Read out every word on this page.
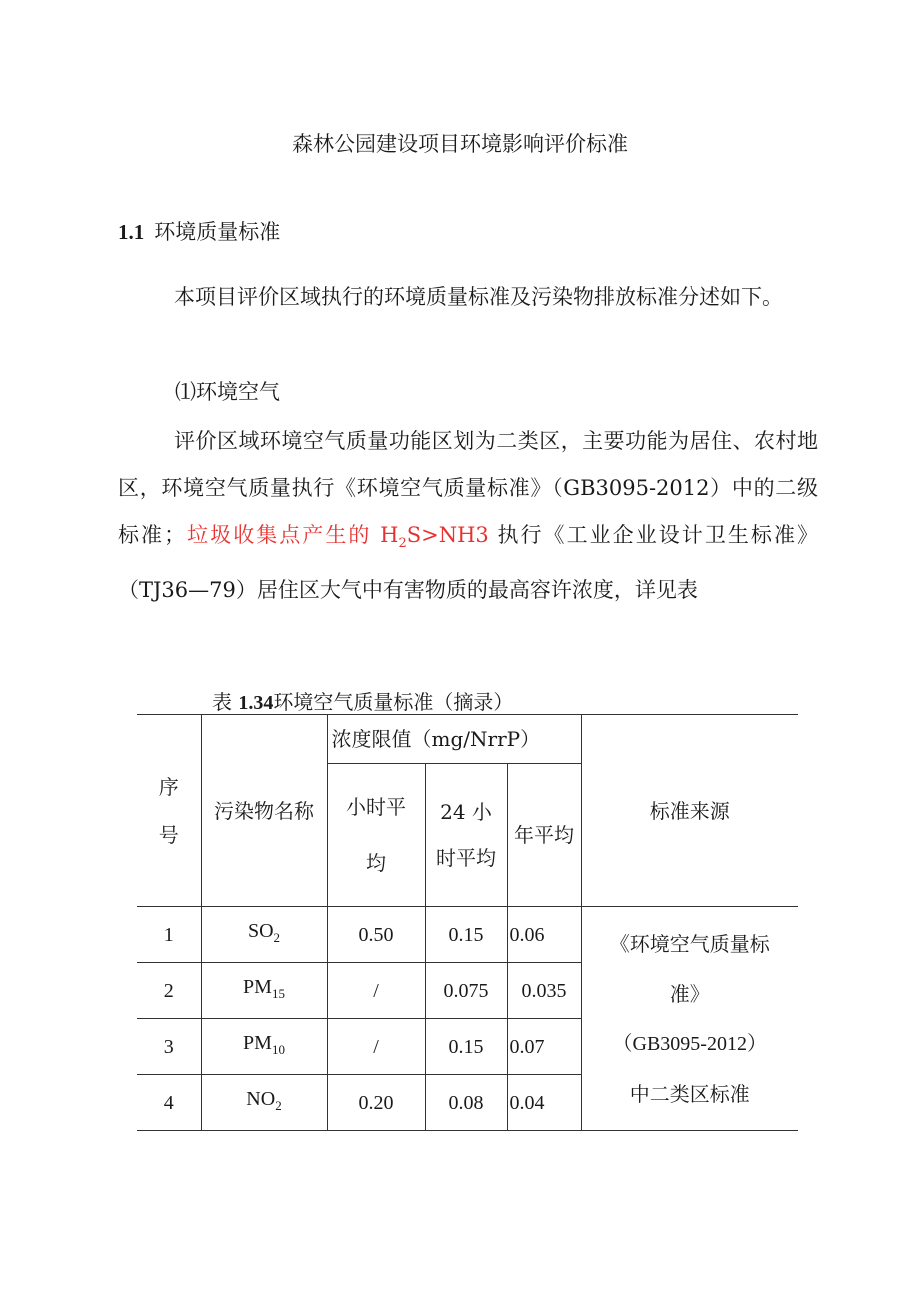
森林公园建设项目环境影响评价标准
1.1 环境质量标准
本项目评价区域执行的环境质量标准及污染物排放标准分述如下。
⑴环境空气
评价区域环境空气质量功能区划为二类区，主要功能为居住、农村地区，环境空气质量执行《环境空气质量标准》（GB3095-2012）中的二级标准；垃圾收集点产生的 $H_2S>NH3$ 执行《工业企业设计卫生标准》（TJ36—79）居住区大气中有害物质的最高容许浓度，详见表
表 1.34环境空气质量标准（摘录）
序号	污染物名称	浓度限值（mg/NrrP）			标准来源

		小时平均	24 小时平均	年平均	
1	$SO_2$	0.50	0.15	0.06	《环境空气质量标
准》
（GB3095-2012）
中二类区标准

2	$PM_{15}$	/	0.075	0.035	
3	$PM_{10}$	/	0.15	0.07	
4	$NO_2$	0.20	0.08	0.04	
